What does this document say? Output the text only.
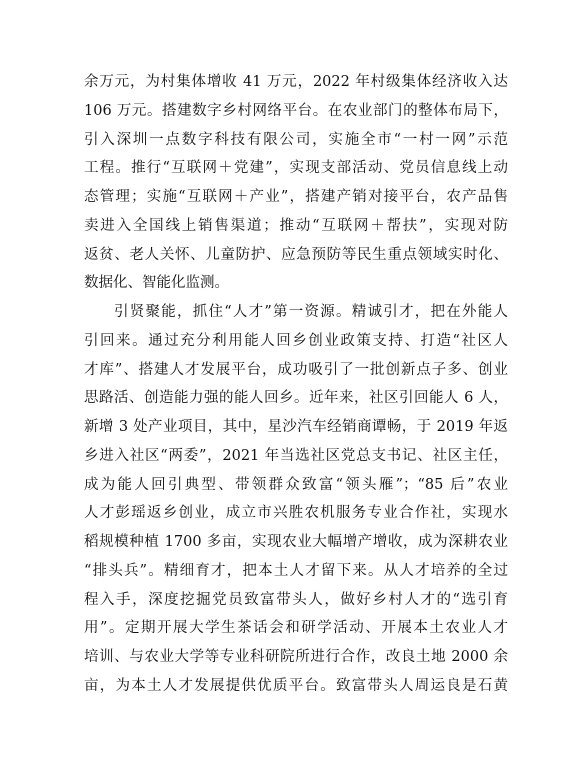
余万元，为村集体增收 41 万元，2022 年村级集体经济收入达
106 万元。搭建数字乡村网络平台。在农业部门的整体布局下，
引入深圳一点数字科技有限公司，实施全市“一村一网”示范
工程。推行“互联网＋党建”，实现支部活动、党员信息线上动
态管理；实施“互联网＋产业”，搭建产销对接平台，农产品售
卖进入全国线上销售渠道；推动“互联网＋帮扶”，实现对防
返贫、老人关怀、儿童防护、应急预防等民生重点领域实时化、
数据化、智能化监测。
引贤聚能，抓住“人才”第一资源。精诚引才，把在外能人
引回来。通过充分利用能人回乡创业政策支持、打造“社区人
才库”、搭建人才发展平台，成功吸引了一批创新点子多、创业
思路活、创造能力强的能人回乡。近年来，社区引回能人 6 人，
新增 3 处产业项目，其中，星沙汽车经销商谭畅，于 2019 年返
乡进入社区“两委”，2021 年当选社区党总支书记、社区主任，
成为能人回引典型、带领群众致富“领头雁”；“85 后”农业
人才彭瑶返乡创业，成立市兴胜农机服务专业合作社，实现水
稻规模种植 1700 多亩，实现农业大幅增产增收，成为深耕农业
“排头兵”。精细育才，把本土人才留下来。从人才培养的全过
程入手，深度挖掘党员致富带头人，做好乡村人才的“选引育
用”。定期开展大学生茶话会和研学活动、开展本土农业人才
培训、与农业大学等专业科研院所进行合作，改良土地 2000 余
亩，为本土人才发展提供优质平台。致富带头人周运良是石黄
